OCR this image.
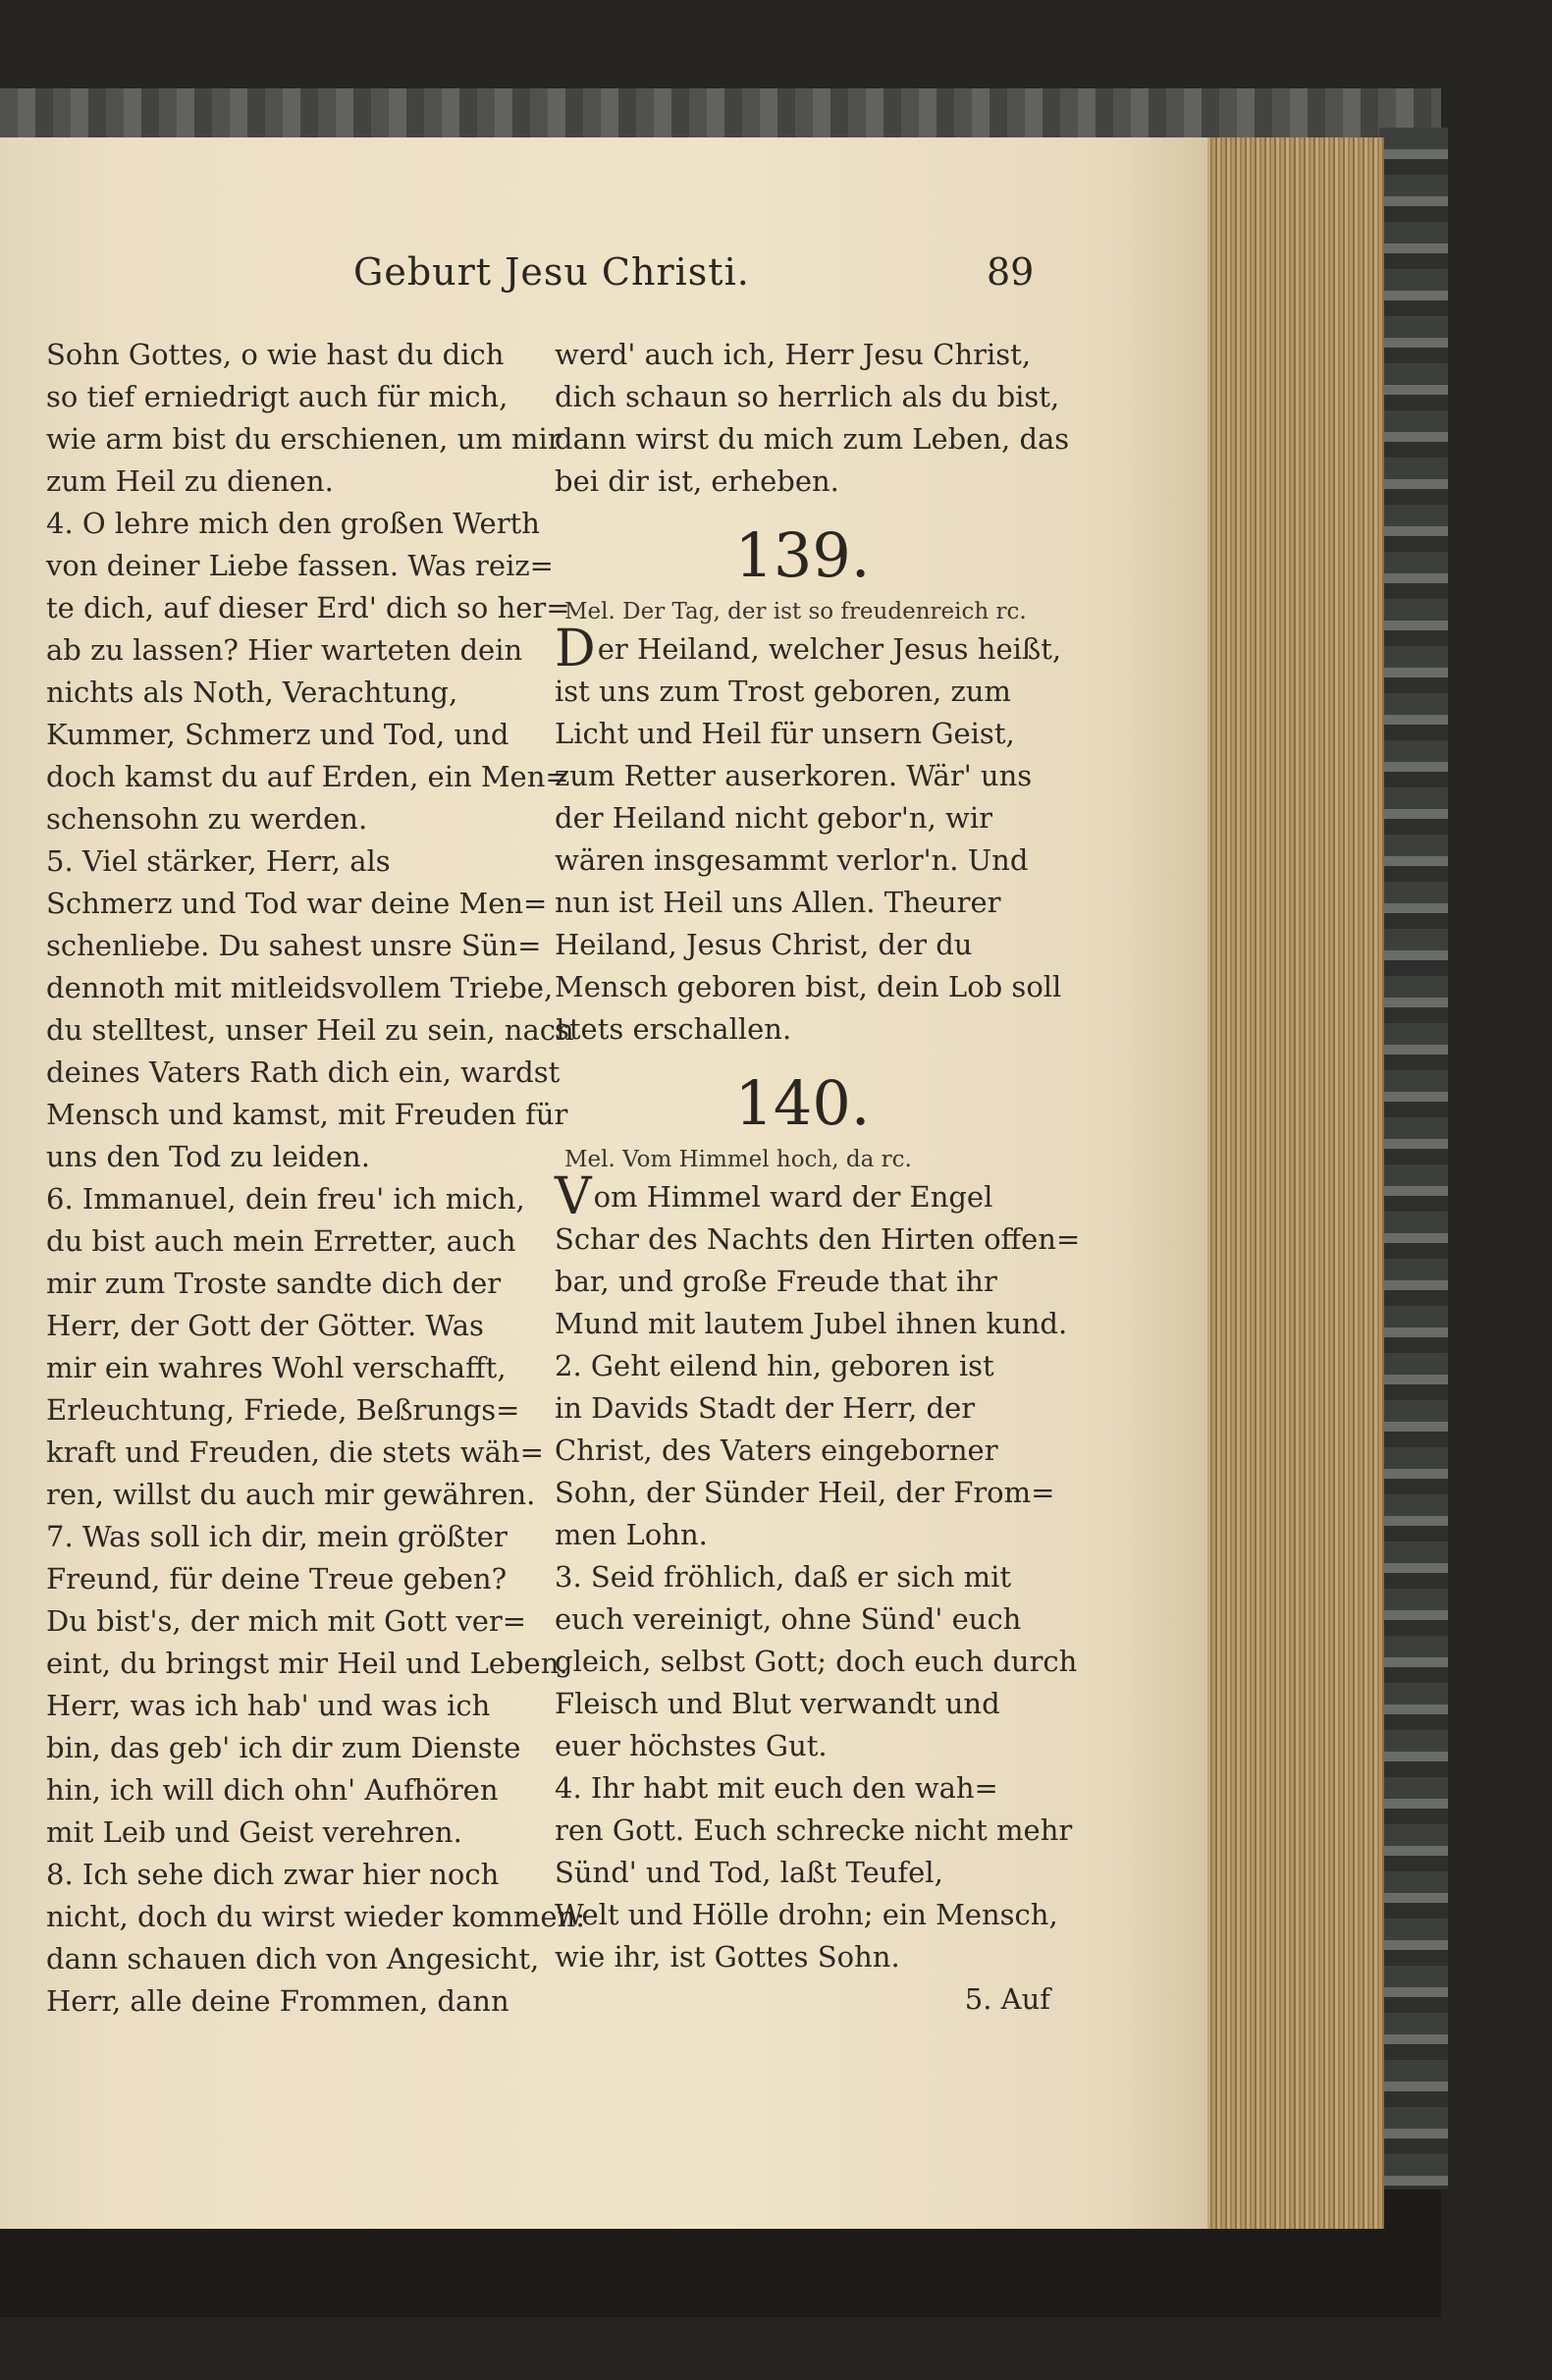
Geburt Jesu Christi.	89
Sohn Gottes, o wie hast du dich
so tief erniedrigt auch für mich,
wie arm bist du erschienen, um mir
zum Heil zu dienen.
4. O lehre mich den großen Werth
von deiner Liebe fassen. Was reiz=
te dich, auf dieser Erd' dich so her=
ab zu lassen? Hier warteten dein
nichts als Noth, Verachtung,
Kummer, Schmerz und Tod, und
doch kamst du auf Erden, ein Men=
schensohn zu werden.
5. Viel stärker, Herr, als
Schmerz und Tod war deine Men=
schenliebe. Du sahest unsre Sün=
dennoth mit mitleidsvollem Triebe,
du stelltest, unser Heil zu sein, nach
deines Vaters Rath dich ein, wardst
Mensch und kamst, mit Freuden für
uns den Tod zu leiden.
6. Immanuel, dein freu' ich mich,
du bist auch mein Erretter, auch
mir zum Troste sandte dich der
Herr, der Gott der Götter. Was
mir ein wahres Wohl verschafft,
Erleuchtung, Friede, Beßrungs=
kraft und Freuden, die stets wäh=
ren, willst du auch mir gewähren.
7. Was soll ich dir, mein größter
Freund, für deine Treue geben?
Du bist's, der mich mit Gott ver=
eint, du bringst mir Heil und Leben.
Herr, was ich hab' und was ich
bin, das geb' ich dir zum Dienste
hin, ich will dich ohn' Aufhören
mit Leib und Geist verehren.
8. Ich sehe dich zwar hier noch
nicht, doch du wirst wieder kommen:
dann schauen dich von Angesicht,
Herr, alle deine Frommen, dann
werd' auch ich, Herr Jesu Christ,
dich schaun so herrlich als du bist,
dann wirst du mich zum Leben, das
bei dir ist, erheben.
139.
Mel. Der Tag, der ist so freudenreich rc.
D er Heiland, welcher Jesus heißt,
ist uns zum Trost geboren, zum
Licht und Heil für unsern Geist,
zum Retter auserkoren. Wär' uns
der Heiland nicht gebor'n, wir
wären insgesammt verlor'n. Und
nun ist Heil uns Allen. Theurer
Heiland, Jesus Christ, der du
Mensch geboren bist, dein Lob soll
stets erschallen.
140.
Mel. Vom Himmel hoch, da rc.
V om Himmel ward der Engel
Schar des Nachts den Hirten offen=
bar, und große Freude that ihr
Mund mit lautem Jubel ihnen kund.
2. Geht eilend hin, geboren ist
in Davids Stadt der Herr, der
Christ, des Vaters eingeborner
Sohn, der Sünder Heil, der From=
men Lohn.
3. Seid fröhlich, daß er sich mit
euch vereinigt, ohne Sünd' euch
gleich, selbst Gott; doch euch durch
Fleisch und Blut verwandt und
euer höchstes Gut.
4. Ihr habt mit euch den wah=
ren Gott. Euch schrecke nicht mehr
Sünd' und Tod, laßt Teufel,
Welt und Hölle drohn; ein Mensch,
wie ihr, ist Gottes Sohn.
5. Auf
